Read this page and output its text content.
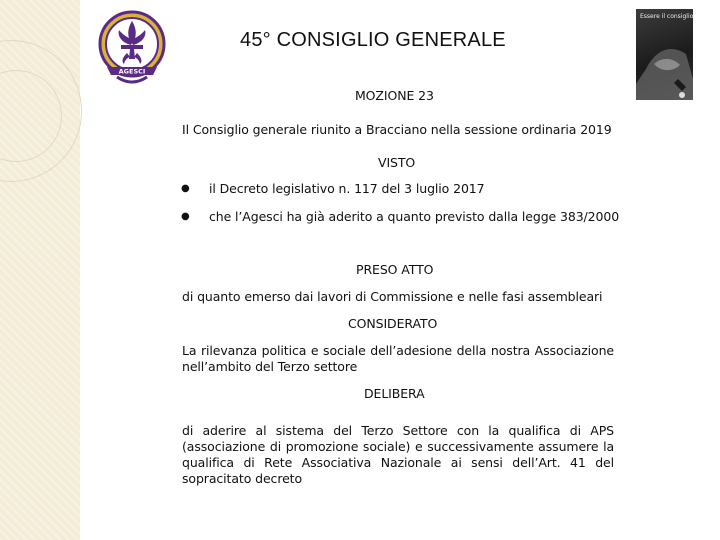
AGESCI
45° CONSIGLIO GENERALE
Essere il consiglio
MOZIONE 23
Il Consiglio generale riunito a Bracciano nella sessione ordinaria 2019
VISTO
● il Decreto legislativo n. 117 del 3 luglio 2017
● che l’Agesci ha già aderito a quanto previsto dalla legge 383/2000
PRESO ATTO
di quanto emerso dai lavori di Commissione e nelle fasi assembleari
CONSIDERATO
La rilevanza politica e sociale dell’adesione della nostra Associazione nell’ambito del Terzo settore
DELIBERA
di aderire al sistema del Terzo Settore con la qualifica di APS (associazione di promozione sociale) e successivamente assumere la qualifica di Rete Associativa Nazionale ai sensi dell’Art. 41 del sopracitato decreto
